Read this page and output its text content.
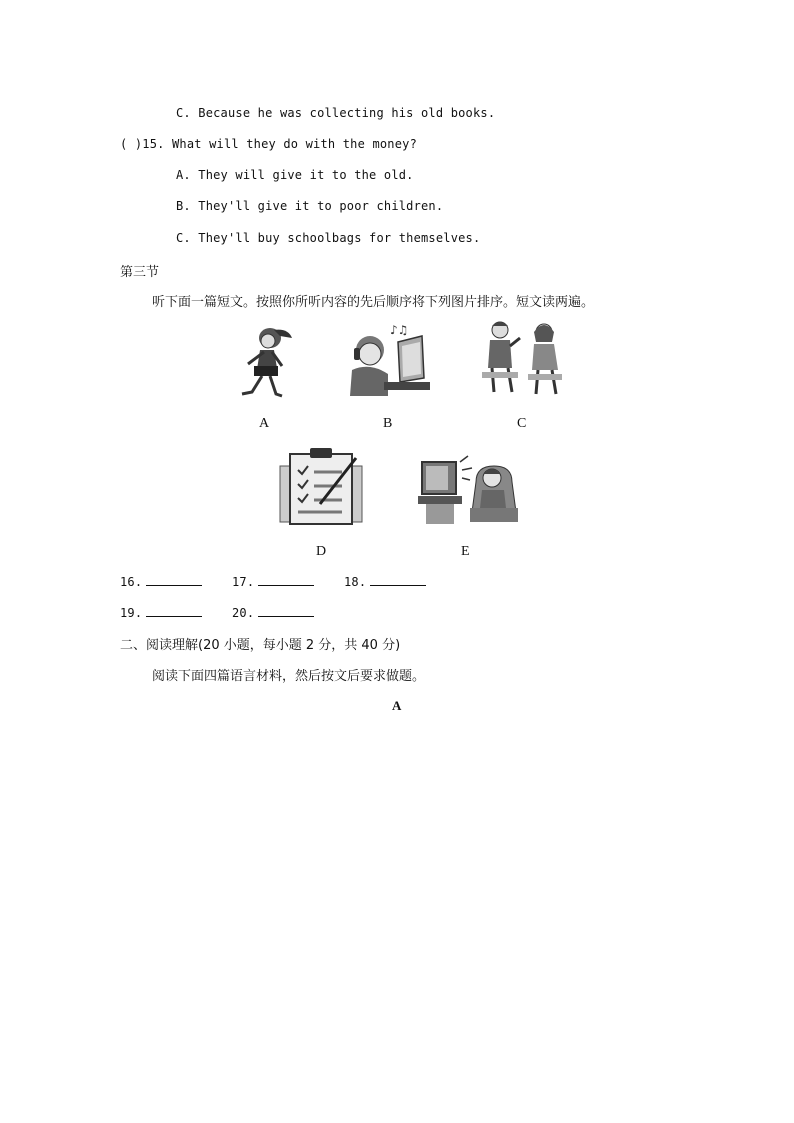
C. Because he was collecting his old books.
( )15. What will they do with the money?
A. They will give it to the old.
B. They'll give it to poor children.
C. They'll buy schoolbags for themselves.
第三节
听下面一篇短文。按照你所听内容的先后顺序将下列图片排序。短文读两遍。
A
♪♫
B	C
D	E
16.	17.	18.
19.	20.
二、阅读理解(20 小题，每小题 2 分，共 40 分)
阅读下面四篇语言材料，然后按文后要求做题。
A
